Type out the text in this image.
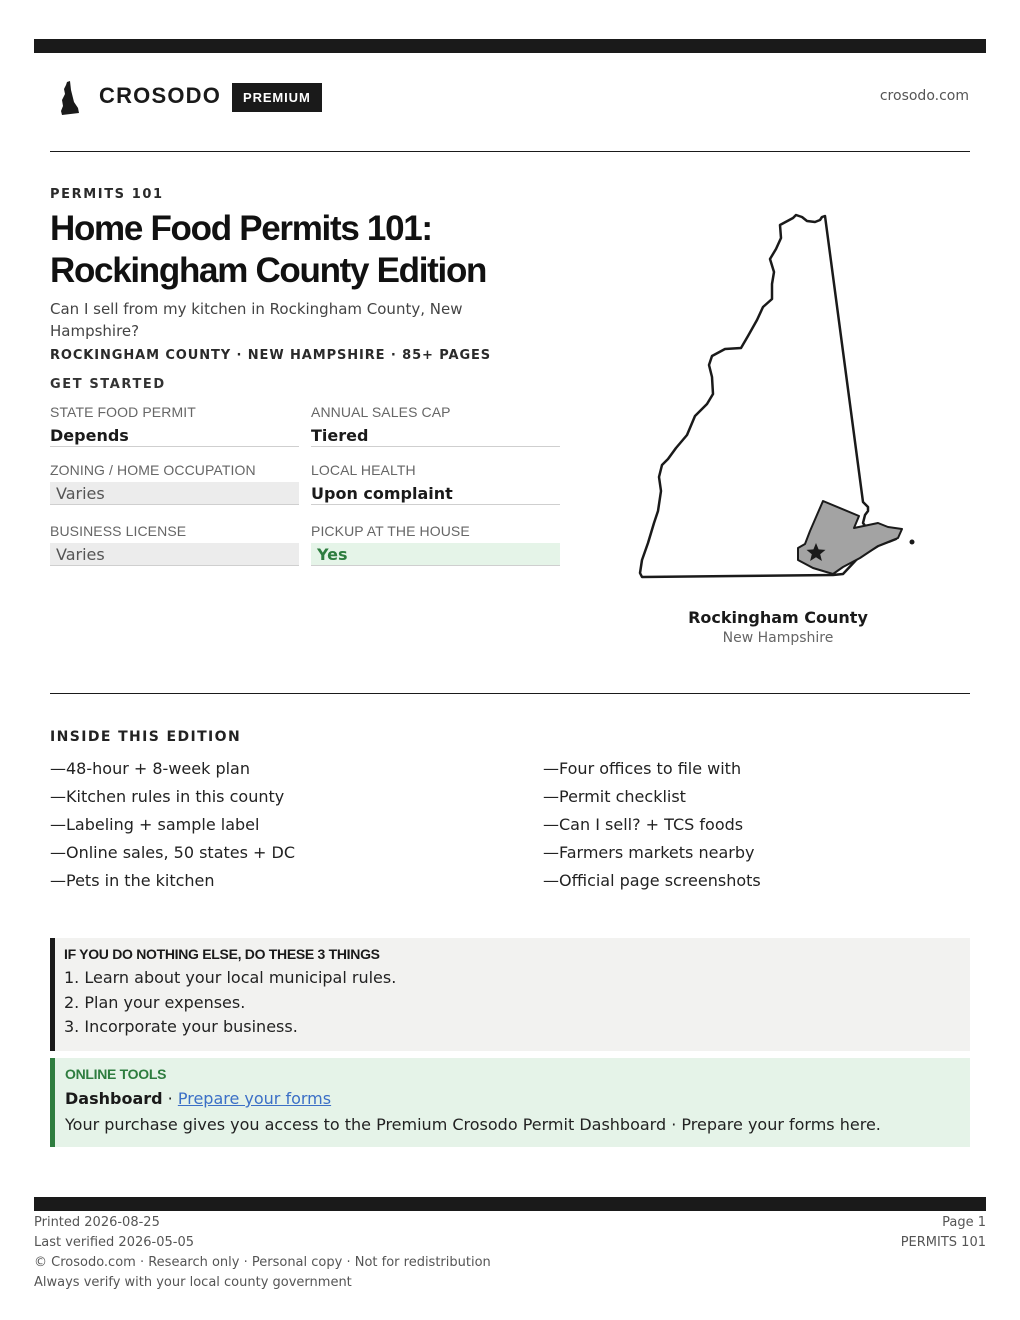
CROSODO	PREMIUM	crosodo.com
PERMITS 101
Home Food Permits 101:
Rockingham County Edition

Can I sell from my kitchen in Rockingham County, New Hampshire?

ROCKINGHAM COUNTY · NEW HAMPSHIRE · 85+ PAGES
GET STARTED
STATE FOOD PERMIT
Depends
ANNUAL SALES CAP
Tiered
ZONING / HOME OCCUPATION
Varies
LOCAL HEALTH
Upon complaint
BUSINESS LICENSE
Varies
PICKUP AT THE HOUSE
Yes
Rockingham County
New Hampshire
INSIDE THIS EDITION
—48-hour + 8-week plan
—Kitchen rules in this county
—Labeling + sample label
—Online sales, 50 states + DC
—Pets in the kitchen
—Four offices to file with
—Permit checklist
—Can I sell? + TCS foods
—Farmers markets nearby
—Official page screenshots
IF YOU DO NOTHING ELSE, DO THESE 3 THINGS
1. Learn about your local municipal rules.
2. Plan your expenses.
3. Incorporate your business.
ONLINE TOOLS
Dashboard · Prepare your forms
Your purchase gives you access to the Premium Crosodo Permit Dashboard · Prepare your forms here.
Printed 2026-08-25
Last verified 2026-05-05
© Crosodo.com · Research only · Personal copy · Not for redistribution
Always verify with your local county government
Page 1
PERMITS 101
